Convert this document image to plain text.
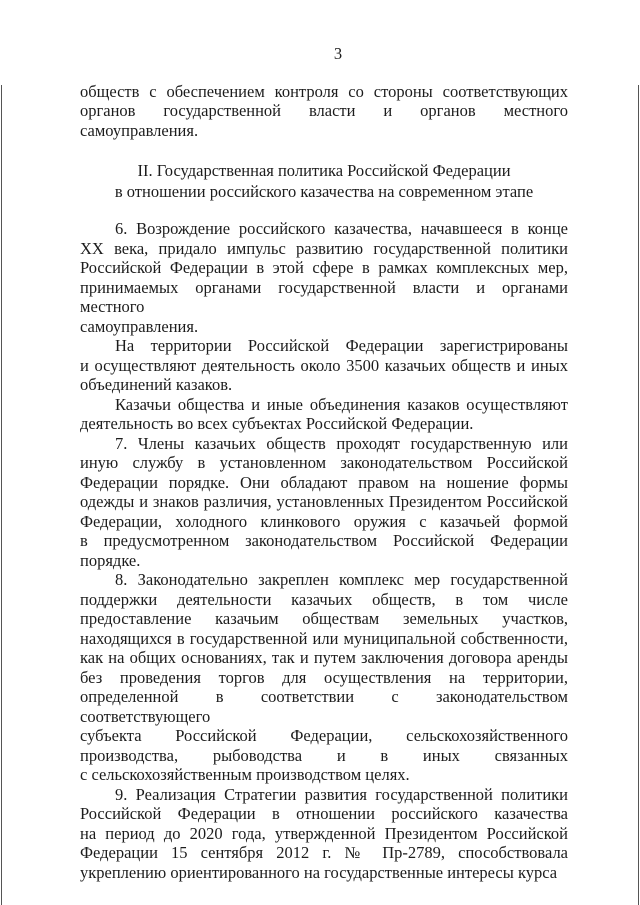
3
обществ с обеспечением контроля со стороны соответствующих
органов государственной власти и органов местного самоуправления.
II. Государственная политика Российской Федерации
в отношении российского казачества на современном этапе
6. Возрождение российского казачества, начавшееся в конце
XX века, придало импульс развитию государственной политики
Российской Федерации в этой сфере в рамках комплексных мер,
принимаемых органами государственной власти и органами местного
самоуправления.
На территории Российской Федерации зарегистрированы
и осуществляют деятельность около 3500 казачьих обществ и иных
объединений казаков.
Казачьи общества и иные объединения казаков осуществляют
деятельность во всех субъектах Российской Федерации.
7. Члены казачьих обществ проходят государственную или
иную службу в установленном законодательством Российской
Федерации порядке. Они обладают правом на ношение формы
одежды и знаков различия, установленных Президентом Российской
Федерации, холодного клинкового оружия с казачьей формой
в предусмотренном законодательством Российской Федерации
порядке.
8. Законодательно закреплен комплекс мер государственной
поддержки деятельности казачьих обществ, в том числе
предоставление казачьим обществам земельных участков,
находящихся в государственной или муниципальной собственности,
как на общих основаниях, так и путем заключения договора аренды
без проведения торгов для осуществления на территории,
определенной в соответствии с законодательством соответствующего
субъекта Российской Федерации, сельскохозяйственного
производства, рыбоводства и в иных связанных
с сельскохозяйственным производством целях.
9. Реализация Стратегии развития государственной политики
Российской Федерации в отношении российского казачества
на период до 2020 года, утвержденной Президентом Российской
Федерации 15 сентября 2012 г. № Пр-2789, способствовала
укреплению ориентированного на государственные интересы курса
